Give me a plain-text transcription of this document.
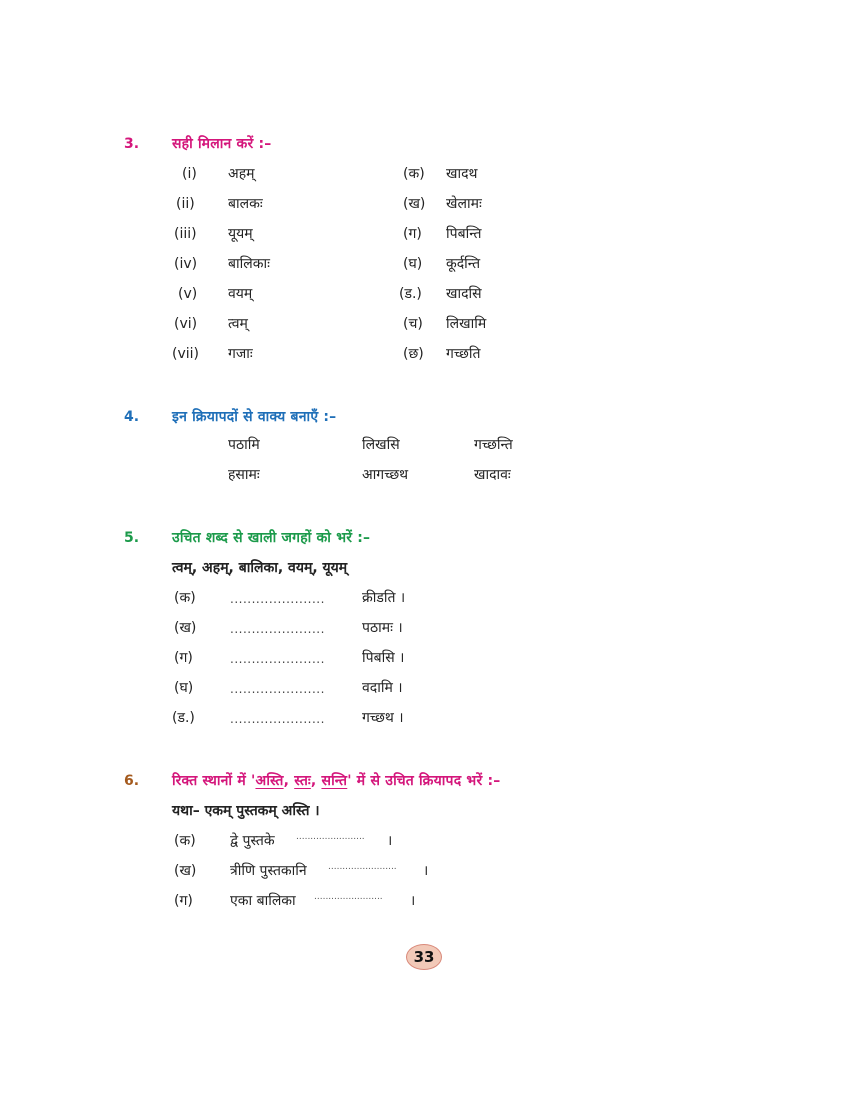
3. सही मिलान करें :–
(i) अहम्	(क) खादथ
(ii) बालकः	(ख) खेलामः
(iii) यूयम्	(ग) पिबन्ति
(iv) बालिकाः	(घ) कूर्दन्ति
(v) वयम्	(ड.) खादसि
(vi) त्वम्	(च) लिखामि
(vii) गजाः	(छ) गच्छति
4. इन क्रियापदों से वाक्य बनाएँ :–
पठामि	लिखसि	गच्छन्ति
हसामः	आगच्छथ	खादावः
5. उचित शब्द से खाली जगहों को भरें :–
त्वम्, अहम्, बालिका, वयम्, यूयम्
(क)	......................	क्रीडति ।
(ख)	......................	पठामः ।
(ग)	......................	पिबसि ।
(घ)	......................	वदामि ।
(ड.)	......................	गच्छथ ।
6. रिक्त स्थानों में 'अस्ति, स्तः, सन्ति' में से उचित क्रियापद भरें :–
यथा– एकम् पुस्तकम् अस्ति ।
(क) द्वे पुस्तके ........................ ।
(ख) त्रीणि पुस्तकानि ........................ ।
(ग)	एका बालिका ........................ ।
33
